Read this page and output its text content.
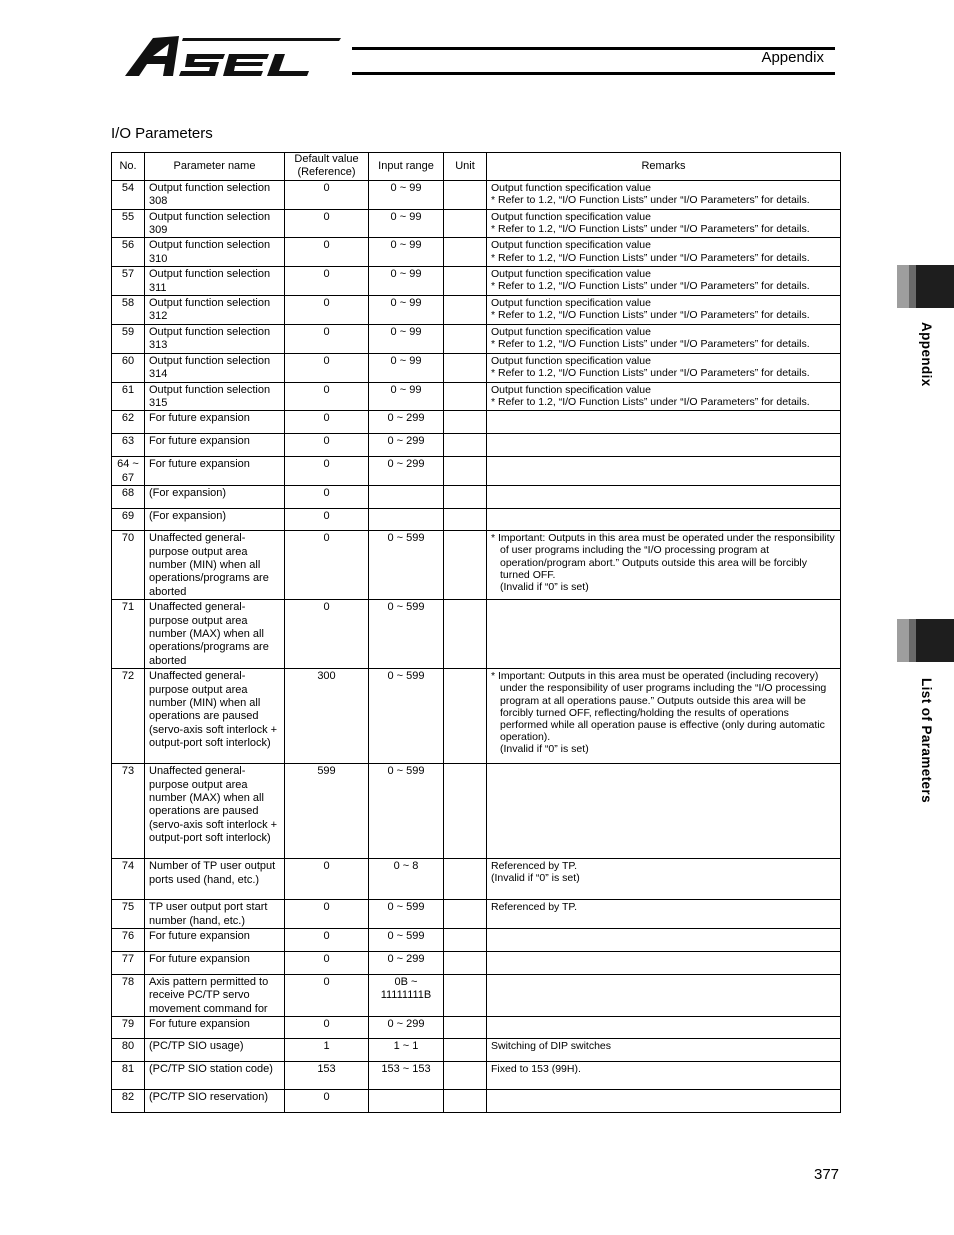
Appendix
I/O Parameters
No.	Parameter name	Default value (Reference)	Input range	Unit	Remarks
54	Output function selection 308	0	0 ~ 99		Output function specification value
* Refer to 1.2, “I/O Function Lists” under “I/O Parameters” for details.

55	Output function selection 309	0	0 ~ 99		Output function specification value
* Refer to 1.2, “I/O Function Lists” under “I/O Parameters” for details.

56	Output function selection 310	0	0 ~ 99		Output function specification value
* Refer to 1.2, “I/O Function Lists” under “I/O Parameters” for details.

57	Output function selection 311	0	0 ~ 99		Output function specification value
* Refer to 1.2, “I/O Function Lists” under “I/O Parameters” for details.

58	Output function selection 312	0	0 ~ 99		Output function specification value
* Refer to 1.2, “I/O Function Lists” under “I/O Parameters” for details.

59	Output function selection 313	0	0 ~ 99		Output function specification value
* Refer to 1.2, “I/O Function Lists” under “I/O Parameters” for details.

60	Output function selection 314	0	0 ~ 99		Output function specification value
* Refer to 1.2, “I/O Function Lists” under “I/O Parameters” for details.

61	Output function selection 315	0	0 ~ 99		Output function specification value
* Refer to 1.2, “I/O Function Lists” under “I/O Parameters” for details.

62	For future expansion	0	0 ~ 299		
63	For future expansion	0	0 ~ 299		
64 ~ 67	For future expansion	0	0 ~ 299		
68	(For expansion)	0			
69	(For expansion)	0			
70	Unaffected general-purpose output area number (MIN) when all operations/programs are aborted	0	0 ~ 599		* Important: Outputs in this area must be operated under the responsibility of user programs including the “I/O processing program at operation/program abort.” Outputs outside this area will be forcibly turned OFF.
(Invalid if “0” is set)

71	Unaffected general-purpose output area number (MAX) when all operations/programs are aborted	0	0 ~ 599		
72	Unaffected general-purpose output area number (MIN) when all operations are paused (servo-axis soft interlock + output-port soft interlock)	300	0 ~ 599		* Important: Outputs in this area must be operated (including recovery) under the responsibility of user programs including the “I/O processing program at all operations pause.” Outputs outside this area will be forcibly turned OFF, reflecting/holding the results of operations performed while all operation pause is effective (only during automatic operation).
(Invalid if “0” is set)

73	Unaffected general-purpose output area number (MAX) when all operations are paused (servo-axis soft interlock + output-port soft interlock)	599	0 ~ 599		
74	Number of TP user output ports used (hand, etc.)	0	0 ~ 8		Referenced by TP.
(Invalid if “0” is set)

75	TP user output port start number (hand, etc.)	0	0 ~ 599		Referenced by TP.

76	For future expansion	0	0 ~ 599		
77	For future expansion	0	0 ~ 299		
78	Axis pattern permitted to receive PC/TP servo movement command for	0	0B ~ 11111111B		
79	For future expansion	0	0 ~ 299		
80	(PC/TP SIO usage)	1	1 ~ 1		Switching of DIP switches

81	(PC/TP SIO station code)	153	153 ~ 153		Fixed to 153 (99H).

82	(PC/TP SIO reservation)	0			
Appendix
List of Parameters
377
